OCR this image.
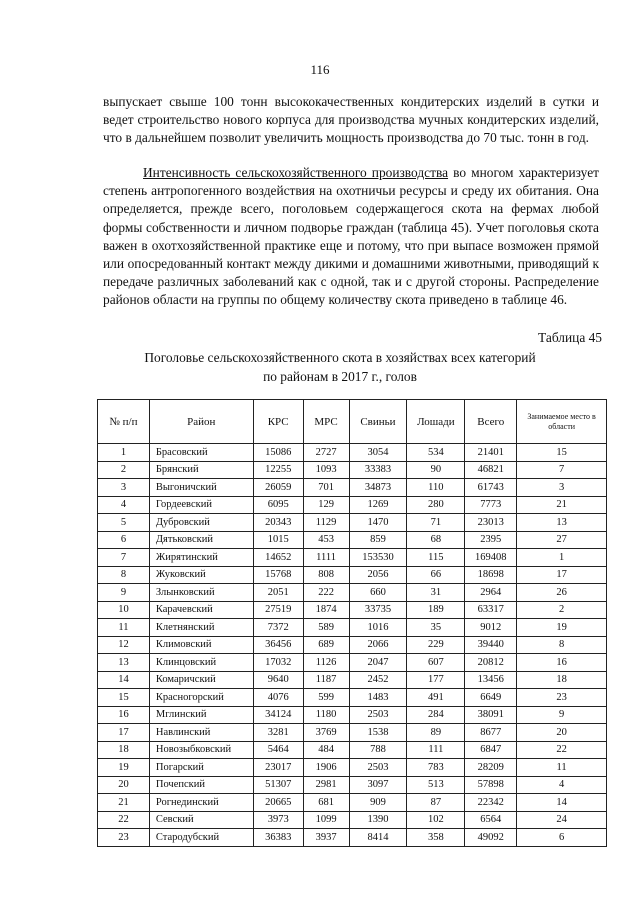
116

выпускает свыше 100 тонн высококачественных кондитерских изделий в сутки и ведет строительство нового корпуса для производства мучных кондитерских изделий, что в дальнейшем позволит увеличить мощность производства до 70 тыс. тонн в год.

Интенсивность сельскохозяйственного производства во многом характеризует степень антропогенного воздействия на охотничьи ресурсы и среду их обитания. Она определяется, прежде всего, поголовьем содержащегося скота на фермах любой формы собственности и личном подворье граждан (таблица 45). Учет поголовья скота важен в охотхозяйственной практике еще и потому, что при выпасе возможен прямой или опосредованный контакт между дикими и домашними животными, приводящий к передаче различных заболеваний как с одной, так и с другой стороны. Распределение районов области на группы по общему количеству скота приведено в таблице 46.

Таблица 45
Поголовье сельскохозяйственного скота в хозяйствах всех категорий
по районам в 2017 г., голов
№ п/п	Район	КРС	МРС	Свиньи	Лошади	Всего	Занимаемое место в области
1	Брасовский	15086	2727	3054	534	21401	15
2	Брянский	12255	1093	33383	90	46821	7
3	Выгоничский	26059	701	34873	110	61743	3
4	Гордеевский	6095	129	1269	280	7773	21
5	Дубровский	20343	1129	1470	71	23013	13
6	Дятьковский	1015	453	859	68	2395	27
7	Жирятинский	14652	1111	153530	115	169408	1
8	Жуковский	15768	808	2056	66	18698	17
9	Злынковский	2051	222	660	31	2964	26
10	Карачевский	27519	1874	33735	189	63317	2
11	Клетнянский	7372	589	1016	35	9012	19
12	Климовский	36456	689	2066	229	39440	8
13	Клинцовский	17032	1126	2047	607	20812	16
14	Комаричский	9640	1187	2452	177	13456	18
15	Красногорский	4076	599	1483	491	6649	23
16	Мглинский	34124	1180	2503	284	38091	9
17	Навлинский	3281	3769	1538	89	8677	20
18	Новозыбковский	5464	484	788	111	6847	22
19	Погарский	23017	1906	2503	783	28209	11
20	Почепский	51307	2981	3097	513	57898	4
21	Рогнединский	20665	681	909	87	22342	14
22	Севский	3973	1099	1390	102	6564	24
23	Стародубский	36383	3937	8414	358	49092	6
